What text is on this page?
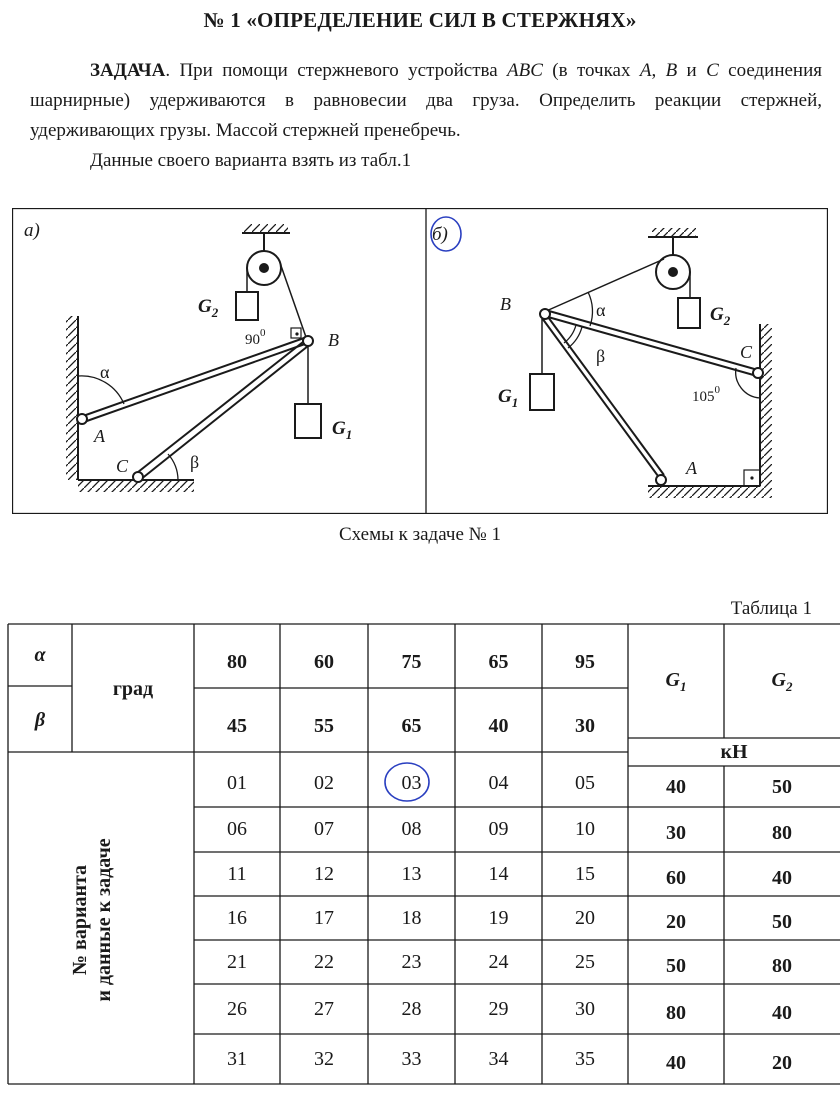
№ 1 «ОПРЕДЕЛЕНИЕ СИЛ В СТЕРЖНЯХ»
ЗАДАЧА. При помощи стержневого устройства ABC (в точках A, B и C соединения шарнирные) удерживаются в равновесии два груза. Определить реакции стержней, удерживающих грузы. Массой стержней пренебречь.
Данные своего варианта взять из табл.1
а)
$G_2$
$90^0$	B
$G_1$
A
C
α
β
б)
$G_2$
B
$G_1$
α
β	C
A
$105^0$
Схемы к задаче № 1
Таблица 1
α
β
град
80	60	75	65	95
45	55	65	40	30
$G_1$	$G_2$
кН
№ варианта и данные к задаче
01	02	03	04	05	40	50
06	07	08	09	10	30	80
11	12	13	14	15	60	40
16	17	18	19	20	20	50
21	22	23	24	25	50	80
26	27	28	29	30	80	40
31	32	33	34	35	40	20
